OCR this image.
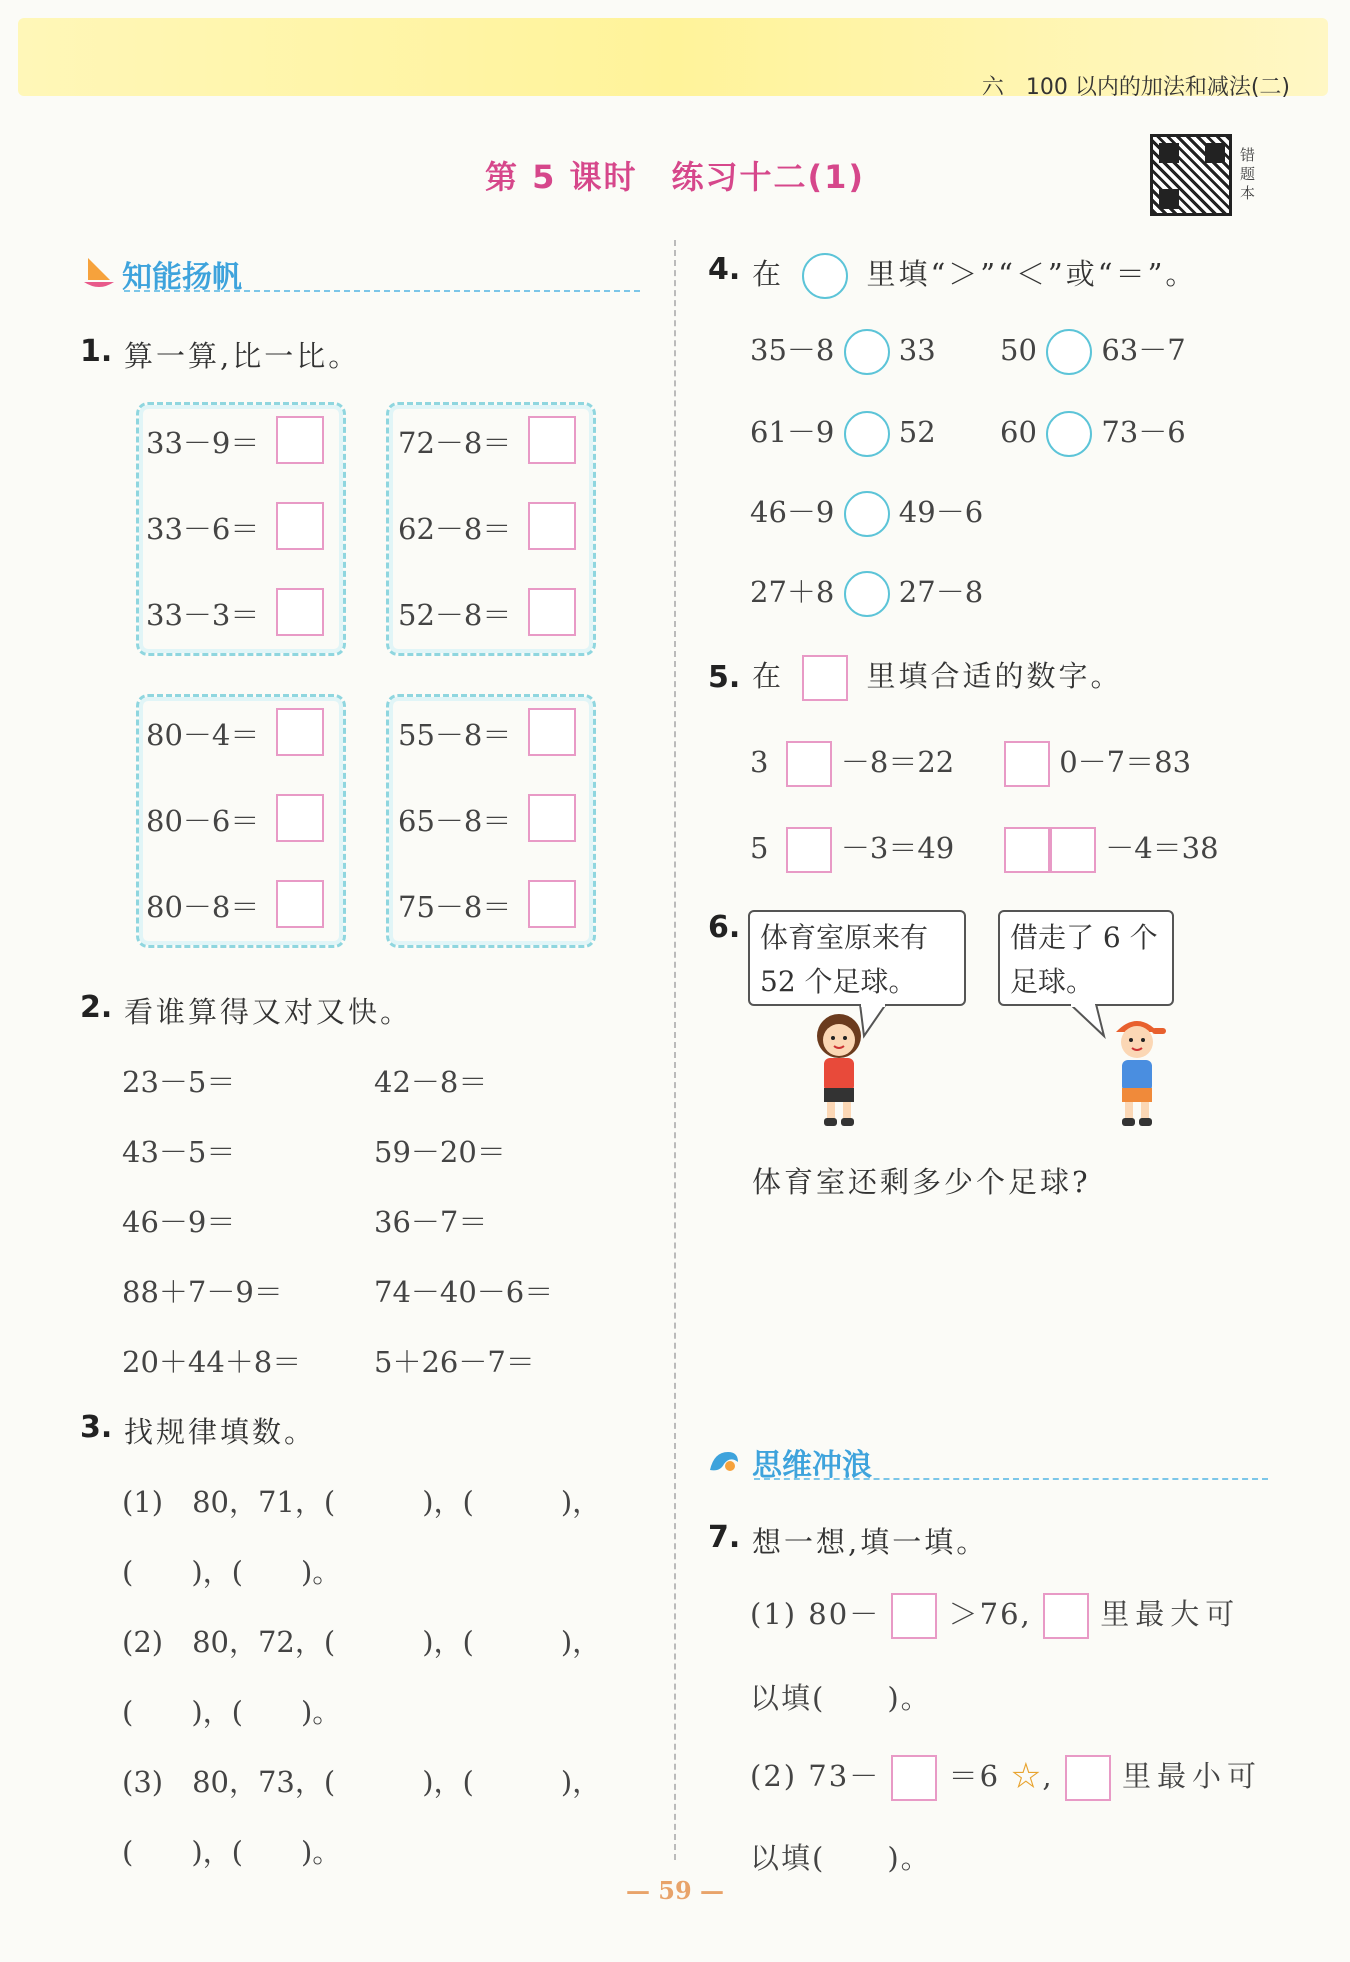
六　100 以内的加法和减法(二)
第 5 课时　练习十二(1)
错题本
知能扬帆
1. 算一算,比一比。
33－9＝
33－6＝
33－3＝
72－8＝
62－8＝
52－8＝
80－4＝
80－6＝
80－8＝
55－8＝
65－8＝
75－8＝
2. 看谁算得又对又快。
23－5＝	42－8＝
43－5＝	59－20＝
46－9＝	36－7＝
88＋7－9＝	74－40－6＝
20＋44＋8＝	5＋26－7＝
3. 找规律填数。
(1)　80，71，(　　　)，(　　　)，
(　　)，(　　)。
(2)　80，72，(　　　)，(　　　)，
(　　)，(　　)。
(3)　80，73，(　　　)，(　　　)，
(　　)，(　　)。
4. 在	里填“＞”“＜”或“＝”。
35－8 33 50 63－7
61－9 52 60 73－6
46－9 49－6
27＋8 27－8
5. 在	里填合适的数字。
3 －8＝22	0－7＝83
5 －3＝49	－4＝38
6. 体育室原来有
52 个足球。
借走了 6 个
足球。
体育室还剩多少个足球?
思维冲浪
7. 想一想,填一填。
(1) 80－ ＞76, 里最大可
以填(　　)。
(2) 73－ ＝6 ☆, 里最小可
以填(　　)。
— 59 —
